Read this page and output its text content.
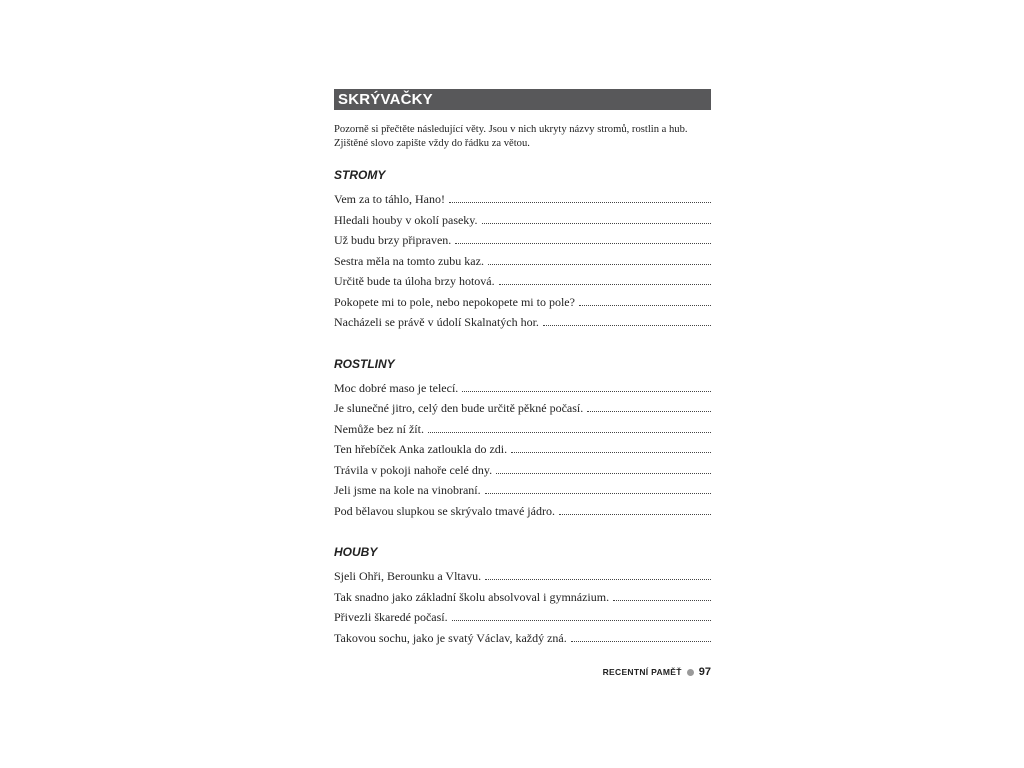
SKRÝVAČKY
Pozorně si přečtěte následující věty. Jsou v nich ukryty názvy stromů, rostlin a hub. Zjištěné slovo zapište vždy do řádku za větou.
STROMY
Vem za to táhlo, Hano!
Hledali houby v okolí paseky.
Už budu brzy připraven.
Sestra měla na tomto zubu kaz.
Určitě bude ta úloha brzy hotová.
Pokopete mi to pole, nebo nepokopete mi to pole?
Nacházeli se právě v údolí Skalnatých hor.
ROSTLINY
Moc dobré maso je telecí.
Je slunečné jitro, celý den bude určitě pěkné počasí.
Nemůže bez ní žít.
Ten hřebíček Anka zatloukla do zdi.
Trávila v pokoji nahoře celé dny.
Jeli jsme na kole na vinobraní.
Pod bělavou slupkou se skrývalo tmavé jádro.
HOUBY
Sjeli Ohři, Berounku a Vltavu.
Tak snadno jako základní školu absolvoval i gymnázium.
Přivezli škaredé počasí.
Takovou sochu, jako je svatý Václav, každý zná.
RECENTNÍ PAMĚŤ 97
